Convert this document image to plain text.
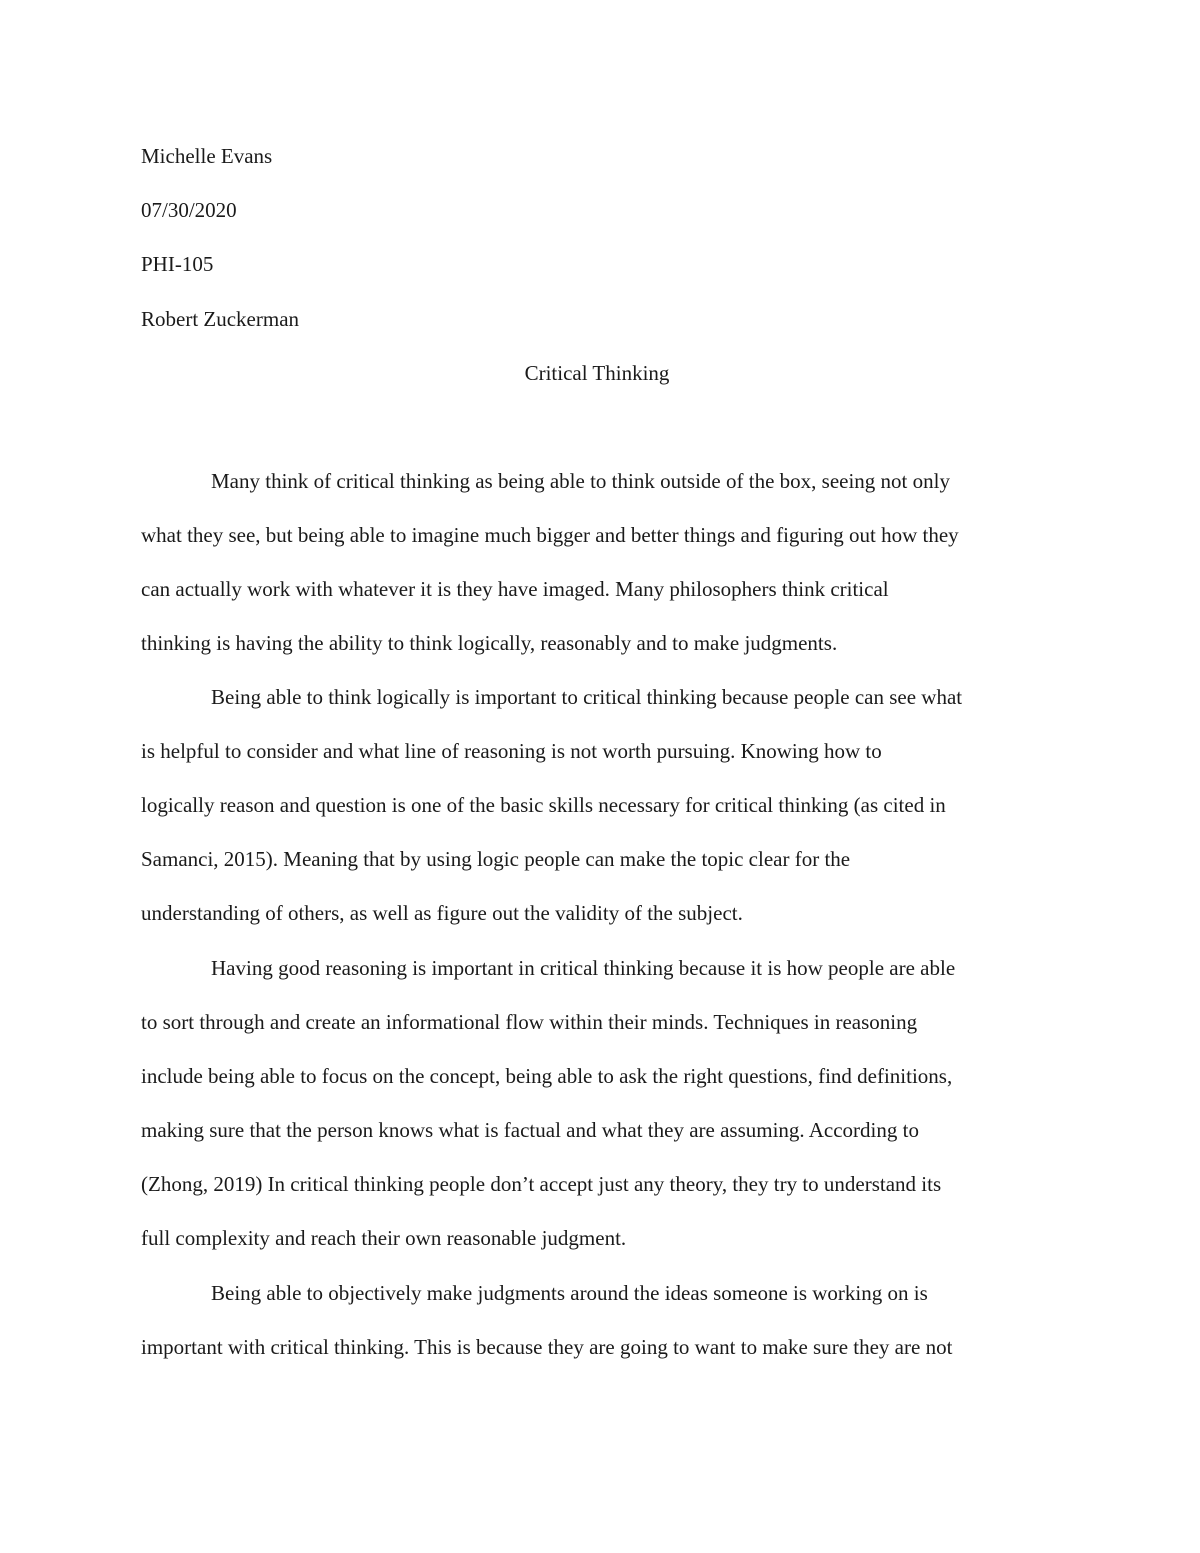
Michelle Evans
07/30/2020
PHI-105
Robert Zuckerman
Critical Thinking
Many think of critical thinking as being able to think outside of the box, seeing not only
what they see, but being able to imagine much bigger and better things and figuring out how they
can actually work with whatever it is they have imaged. Many philosophers think critical
thinking is having the ability to think logically, reasonably and to make judgments.
Being able to think logically is important to critical thinking because people can see what
is helpful to consider and what line of reasoning is not worth pursuing. Knowing how to
logically reason and question is one of the basic skills necessary for critical thinking (as cited in
Samanci, 2015). Meaning that by using logic people can make the topic clear for the
understanding of others, as well as figure out the validity of the subject.
Having good reasoning is important in critical thinking because it is how people are able
to sort through and create an informational flow within their minds. Techniques in reasoning
include being able to focus on the concept, being able to ask the right questions, find definitions,
making sure that the person knows what is factual and what they are assuming. According to
(Zhong, 2019) In critical thinking people don’t accept just any theory, they try to understand its
full complexity and reach their own reasonable judgment.
Being able to objectively make judgments around the ideas someone is working on is
important with critical thinking. This is because they are going to want to make sure they are not
